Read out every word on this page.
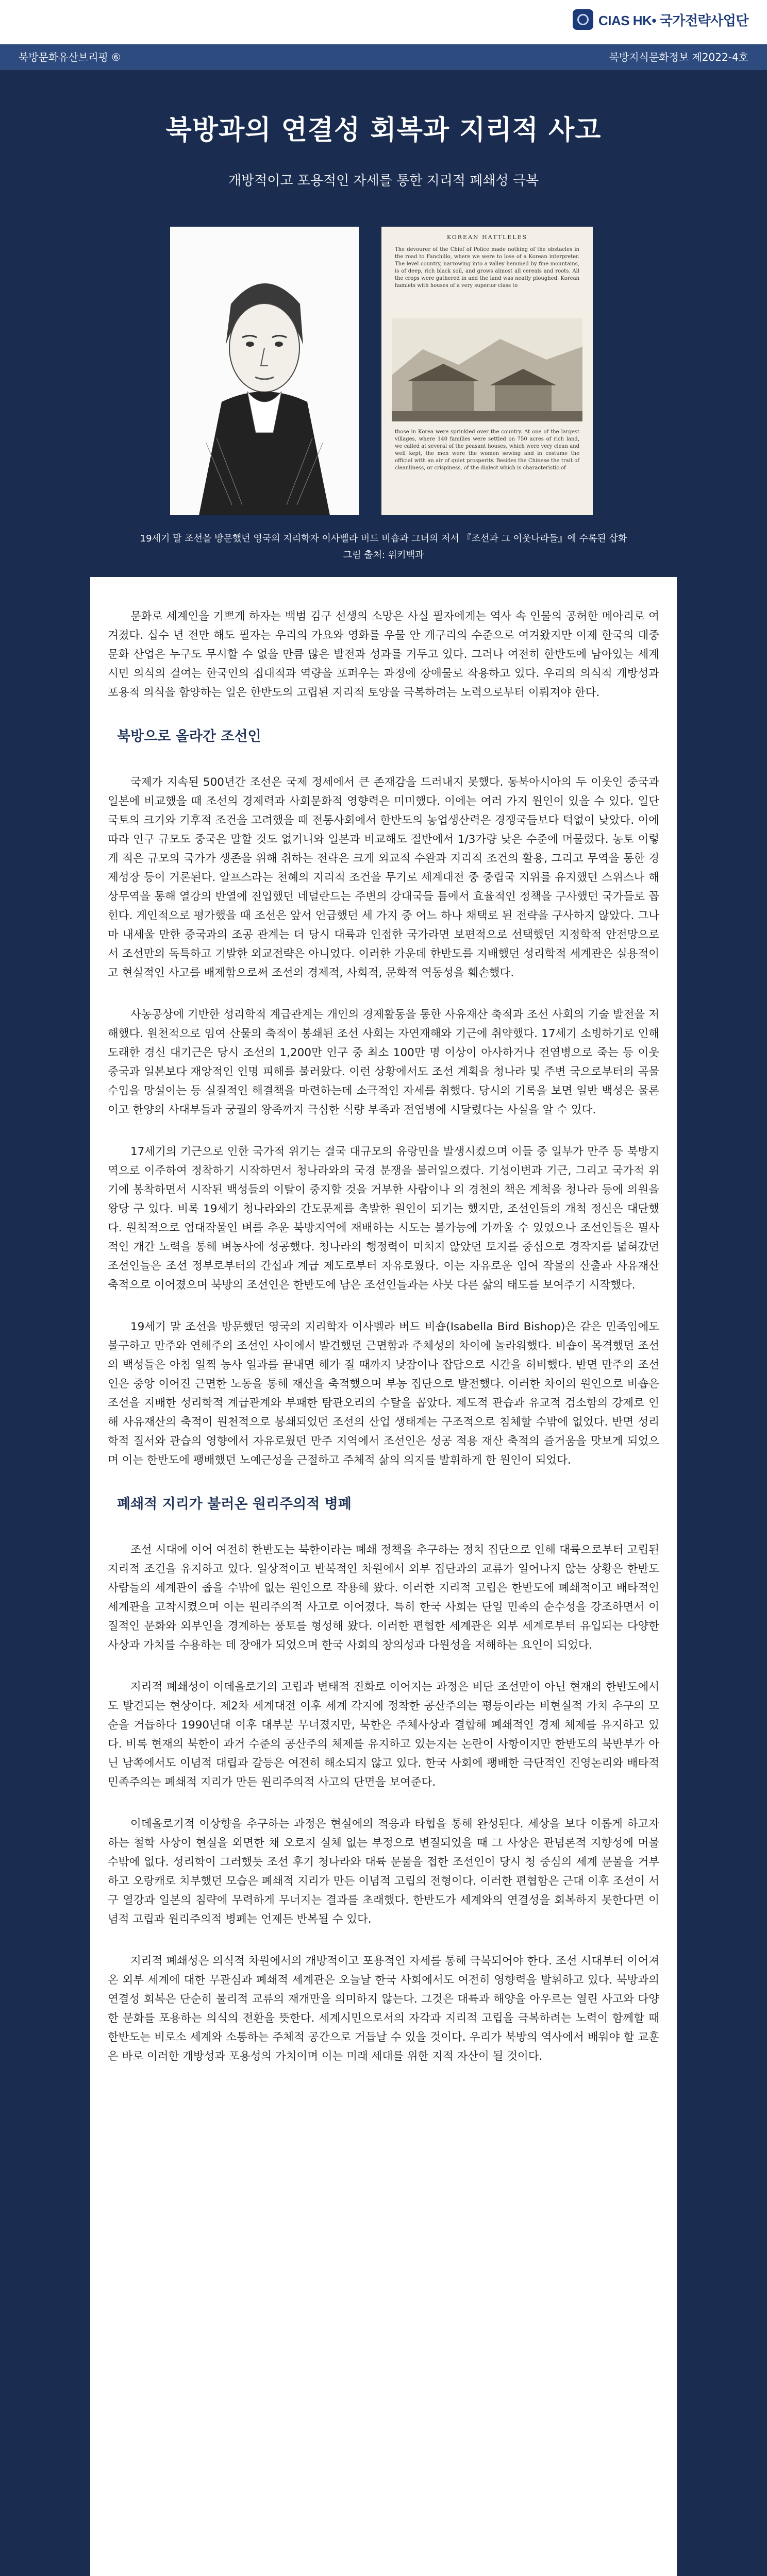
CIAS HK• 국가전략사업단
북방문화유산브리핑 ⑥	북방지식문화정보 제2022-4호
북방과의 연결성 회복과 지리적 사고
개방적이고 포용적인 자세를 통한 지리적 폐쇄성 극복
KOREAN HATTLELES
The devourer of the Chief of Police made nothing of the obstacles in the road to Fanchillo, where we were to lose of a Korean interpreter. The level country, narrowing into a valley hemmed by fine mountains, is of deep, rich black soil, and grows almost all cereals and roots. All the crops were gathered in and the land was neatly ploughed. Korean hamlets with houses of a very superior class to
those in Korea were sprinkled over the country. At one of the largest villages, where 140 families were settled on 750 acres of rich land, we called at several of the peasant houses, which were very clean and well kept, the men were the women sewing and in costume the official with an air of quiet prosperity. Besides the Chinese the trait of cleanliness, or crispiness, of the dialect which is characteristic of
19세기 말 조선을 방문했던 영국의 지리학자 이사벨라 버드 비숍과 그녀의 저서 『조선과 그 이웃나라들』에 수록된 삽화
그림 출처: 위키백과

문화로 세계인을 기쁘게 하자는 백범 김구 선생의 소망은 사실 필자에게는 역사 속 인물의 공허한 메아리로 여겨졌다. 십수 년 전만 해도 필자는 우리의 가요와 영화를 우물 안 개구리의 수준으로 여겨왔지만 이제 한국의 대중문화 산업은 누구도 무시할 수 없을 만큼 많은 발전과 성과를 거두고 있다. 그러나 여전히 한반도에 남아있는 세계시민 의식의 결여는 한국인의 집대적과 역량을 포퍼우는 과정에 장애물로 작용하고 있다. 우리의 의식적 개방성과 포용적 의식을 함양하는 일은 한반도의 고립된 지리적 토양을 극복하려는 노력으로부터 이뤄져야 한다.

북방으로 올라간 조선인

국제가 지속된 500년간 조선은 국제 정세에서 큰 존재감을 드러내지 못했다. 동북아시아의 두 이웃인 중국과 일본에 비교했을 때 조선의 경제력과 사회문화적 영향력은 미미했다. 이에는 여러 가지 원인이 있을 수 있다. 일단 국토의 크기와 기후적 조건을 고려했을 때 전통사회에서 한반도의 농업생산력은 경쟁국들보다 턱없이 낮았다. 이에 따라 인구 규모도 중국은 말할 것도 없거니와 일본과 비교해도 절반에서 1/3가량 낮은 수준에 머물렀다. 농토 이렇게 적은 규모의 국가가 생존을 위해 취하는 전략은 크게 외교적 수완과 지리적 조건의 활용, 그리고 무역을 통한 경제성장 등이 거론된다. 알프스라는 천혜의 지리적 조건을 무기로 세계대전 중 중립국 지위를 유지했던 스위스나 해상무역을 통해 열강의 반열에 진입했던 네덜란드는 주변의 강대국들 틈에서 효율적인 정책을 구사했던 국가들로 꼽힌다. 게인적으로 평가했을 때 조선은 앞서 언급했던 세 가지 중 어느 하나 채택로 된 전략을 구사하지 않았다. 그나마 내세울 만한 중국과의 조공 관계는 더 당시 대륙과 인접한 국가라면 보편적으로 선택했던 지정학적 안전망으로서 조선만의 독특하고 기발한 외교전략은 아니었다. 이러한 가운데 한반도를 지배했던 성리학적 세계관은 실용적이고 현실적인 사고를 배제함으로써 조선의 경제적, 사회적, 문화적 역동성을 훼손했다.

사농공상에 기반한 성리학적 계급관계는 개인의 경제활동을 통한 사유재산 축적과 조선 사회의 기술 발전을 저해했다. 원천적으로 임여 산물의 축적이 봉쇄된 조선 사회는 자연재해와 기근에 취약했다. 17세기 소빙하기로 인해 도래한 경신 대기근은 당시 조선의 1,200만 인구 중 최소 100만 명 이상이 아사하거나 전염병으로 죽는 등 이웃 중국과 일본보다 재앙적인 인명 피해를 불러왔다. 이런 상황에서도 조선 계획을 청나라 및 주변 국으로부터의 곡물 수입을 망설이는 등 실질적인 해결책을 마련하는데 소극적인 자세를 취했다. 당시의 기록을 보면 일반 백성은 물론이고 한양의 사대부들과 궁궐의 왕족까지 극심한 식량 부족과 전염병에 시달렸다는 사실을 알 수 있다.

17세기의 기근으로 인한 국가적 위기는 결국 대규모의 유랑민을 발생시켰으며 이들 중 일부가 만주 등 북방지역으로 이주하여 정착하기 시작하면서 청나라와의 국경 분쟁을 불러일으켰다. 기성이변과 기근, 그리고 국가적 위기에 봉착하면서 시작된 백성들의 이탈이 중지할 것을 거부한 사람이나 의 경천의 책은 계척을 청나라 등에 의원을 왕당 구 있다. 비록 19세기 청나라와의 간도문제를 촉발한 원인이 되기는 했지만, 조선인들의 개척 정신은 대단했다. 원칙적으로 엄대작물인 벼를 추운 북방지역에 재배하는 시도는 불가능에 가까울 수 있었으나 조선인들은 필사적인 개간 노력을 통해 벼농사에 성공했다. 청나라의 행정력이 미치지 않았던 토지를 중심으로 경작지를 넓혀갔던 조선인들은 조선 정부로부터의 간섭과 계급 제도로부터 자유로웠다. 이는 자유로운 임여 작물의 산출과 사유재산 축적으로 이어졌으며 북방의 조선인은 한반도에 남은 조선인들과는 사뭇 다른 삶의 태도를 보여주기 시작했다.

19세기 말 조선을 방문했던 영국의 지리학자 이사벨라 버드 비숍(Isabella Bird Bishop)은 같은 민족임에도 불구하고 만주와 연해주의 조선인 사이에서 발견했던 근면함과 주체성의 차이에 놀라워했다. 비숍이 목격했던 조선의 백성들은 아침 일찍 농사 일과를 끝내면 해가 질 때까지 낮잠이나 잡담으로 시간을 허비했다. 반면 만주의 조선인은 중앙 이어진 근면한 노동을 통해 재산을 축적했으며 부농 집단으로 발전했다. 이러한 차이의 원인으로 비숍은 조선을 지배한 성리학적 계급관계와 부패한 탐관오리의 수탈을 꼽았다. 제도적 관습과 유교적 검소함의 강제로 인해 사유재산의 축적이 원천적으로 봉쇄되었던 조선의 산업 생태계는 구조적으로 침체할 수밖에 없었다. 반면 성리학적 질서와 관습의 영향에서 자유로웠던 만주 지역에서 조선인은 성공 적용 재산 축적의 즐거움을 맛보게 되었으며 이는 한반도에 팽배했던 노예근성을 근절하고 주체적 삶의 의지를 발휘하게 한 원인이 되었다.

폐쇄적 지리가 불러온 원리주의적 병폐

조선 시대에 이어 여전히 한반도는 북한이라는 폐쇄 정책을 추구하는 정치 집단으로 인해 대륙으로부터 고립된 지리적 조건을 유지하고 있다. 일상적이고 반복적인 차원에서 외부 집단과의 교류가 일어나지 않는 상황은 한반도 사람들의 세계관이 좁을 수밖에 없는 원인으로 작용해 왔다. 이러한 지리적 고립은 한반도에 폐쇄적이고 배타적인 세계관을 고착시켰으며 이는 원리주의적 사고로 이어졌다. 특히 한국 사회는 단일 민족의 순수성을 강조하면서 이질적인 문화와 외부인을 경계하는 풍토를 형성해 왔다. 이러한 편협한 세계관은 외부 세계로부터 유입되는 다양한 사상과 가치를 수용하는 데 장애가 되었으며 한국 사회의 창의성과 다원성을 저해하는 요인이 되었다.

지리적 폐쇄성이 이데올로기의 고립과 변태적 진화로 이어지는 과정은 비단 조선만이 아닌 현재의 한반도에서도 발견되는 현상이다. 제2차 세계대전 이후 세계 각지에 정착한 공산주의는 평등이라는 비현실적 가치 추구의 모순을 거듭하다 1990년대 이후 대부분 무너졌지만, 북한은 주체사상과 결합해 폐쇄적인 경제 체제를 유지하고 있다. 비록 현재의 북한이 과거 수준의 공산주의 체제를 유지하고 있는지는 논란이 사항이지만 한반도의 북반부가 아닌 남쪽에서도 이념적 대립과 갈등은 여전히 해소되지 않고 있다. 한국 사회에 팽배한 극단적인 진영논리와 배타적 민족주의는 폐쇄적 지리가 만든 원리주의적 사고의 단면을 보여준다.

이데올로기적 이상향을 추구하는 과정은 현실에의 적응과 타협을 통해 완성된다. 세상을 보다 이롭게 하고자 하는 철학 사상이 현실을 외면한 채 오로지 실체 없는 부정으로 변질되었을 때 그 사상은 관념론적 지향성에 머물 수밖에 없다. 성리학이 그러했듯 조선 후기 청나라와 대륙 문물을 접한 조선인이 당시 청 중심의 세계 문물을 거부하고 오랑캐로 치부했던 모습은 폐쇄적 지리가 만든 이념적 고립의 전형이다. 이러한 편협함은 근대 이후 조선이 서구 열강과 일본의 침략에 무력하게 무너지는 결과를 초래했다. 한반도가 세계와의 연결성을 회복하지 못한다면 이념적 고립과 원리주의적 병폐는 언제든 반복될 수 있다.

지리적 폐쇄성은 의식적 차원에서의 개방적이고 포용적인 자세를 통해 극복되어야 한다. 조선 시대부터 이어져 온 외부 세계에 대한 무관심과 폐쇄적 세계관은 오늘날 한국 사회에서도 여전히 영향력을 발휘하고 있다. 북방과의 연결성 회복은 단순히 물리적 교류의 재개만을 의미하지 않는다. 그것은 대륙과 해양을 아우르는 열린 사고와 다양한 문화를 포용하는 의식의 전환을 뜻한다. 세계시민으로서의 자각과 지리적 고립을 극복하려는 노력이 함께할 때 한반도는 비로소 세계와 소통하는 주체적 공간으로 거듭날 수 있을 것이다. 우리가 북방의 역사에서 배워야 할 교훈은 바로 이러한 개방성과 포용성의 가치이며 이는 미래 세대를 위한 지적 자산이 될 것이다.
